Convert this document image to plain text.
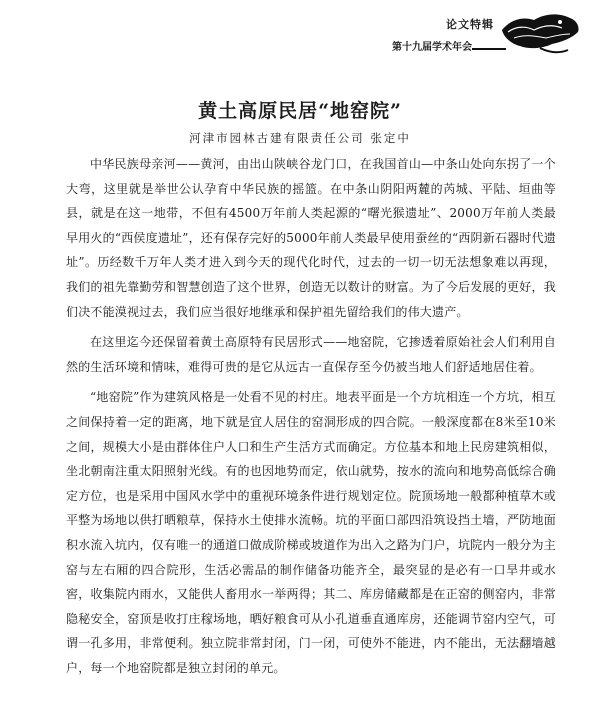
论文特辑
第十九届学术年会
黄土高原民居“地窑院”
河津市园林古建有限责任公司 张定中

中华民族母亲河——黄河，由出山陕峡谷龙门口，在我国首山—中条山处向东拐了一个大弯，这里就是举世公认孕育中华民族的摇篮。在中条山阴阳两麓的芮城、平陆、垣曲等县，就是在这一地带，不但有4500万年前人类起源的“曙光猴遗址”、2000万年前人类最早用火的“西侯度遗址”，还有保存完好的5000年前人类最早使用蚕丝的“西阴新石器时代遗址”。历经数千万年人类才进入到今天的现代化时代，过去的一切一切无法想象难以再现，我们的祖先靠勤劳和智慧创造了这个世界，创造无以数计的财富。为了今后发展的更好，我们决不能漠视过去，我们应当很好地继承和保护祖先留给我们的伟大遗产。

在这里迄今还保留着黄土高原特有民居形式——地窑院，它掺透着原始社会人们利用自然的生活环境和情味，难得可贵的是它从远古一直保存至今仍被当地人们舒适地居住着。

“地窑院”作为建筑风格是一处看不见的村庄。地表平面是一个方坑相连一个方坑，相互之间保持着一定的距离，地下就是宜人居住的窑洞形成的四合院。一般深度都在8米至10米之间，规模大小是由群体住户人口和生产生活方式而确定。方位基本和地上民房建筑相似，坐北朝南注重太阳照射光线。有的也因地势而定，依山就势，按水的流向和地势高低综合确定方位，也是采用中国风水学中的重视环境条件进行规划定位。院顶场地一般都种植草木或平整为场地以供打晒粮草，保持水土使排水流畅。坑的平面口部四沿筑设挡土墙，严防地面积水流入坑内，仅有唯一的通道口做成阶梯或坡道作为出入之路为门户，坑院内一般分为主窑与左右厢的四合院形，生活必需品的制作储备功能齐全，最突显的是必有一口旱井或水窖，收集院内雨水，又能供人畜用水一举两得；其二、库房储藏都是在正窑的侧窑内，非常隐秘安全，窑顶是收打庄稼场地，晒好粮食可从小孔道垂直通库房，还能调节窑内空气，可谓一孔多用，非常便利。独立院非常封闭，门一闭，可使外不能进，内不能出，无法翻墙越户，每一个地窑院都是独立封闭的单元。
